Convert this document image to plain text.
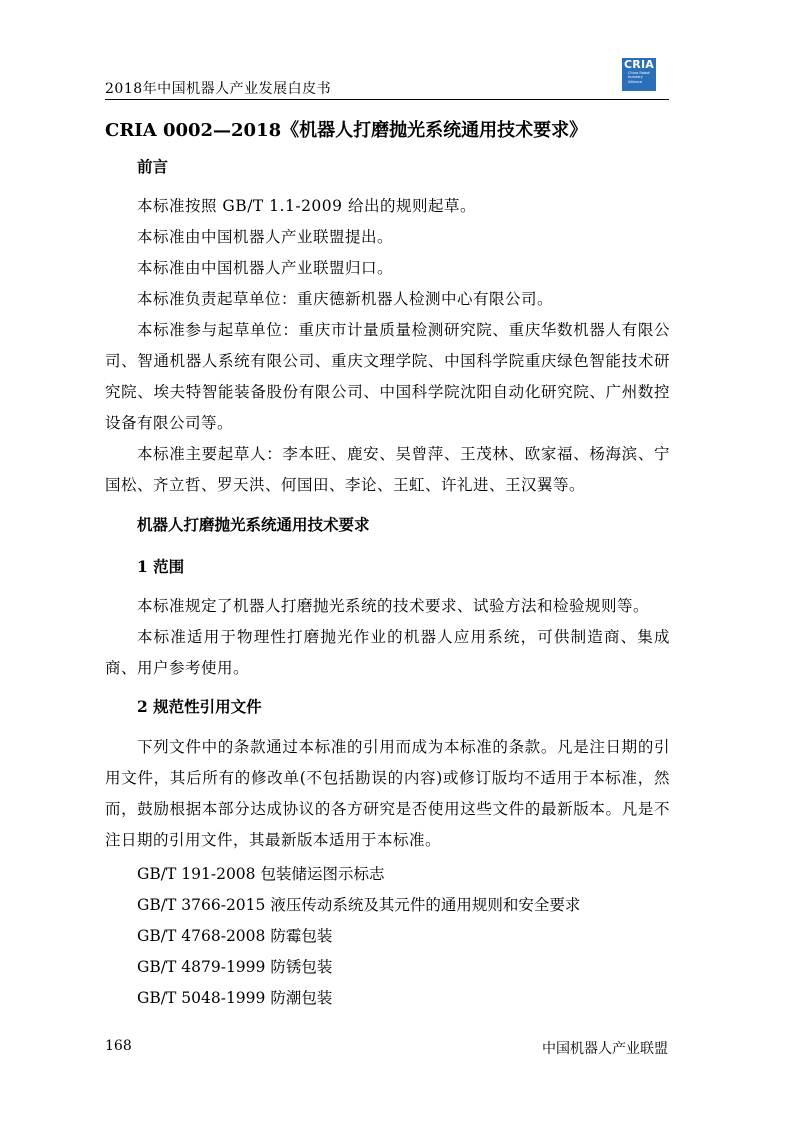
2018年中国机器人产业发展白皮书
CRIA
China Robot Industry Alliance
CRIA 0002—2018《机器人打磨抛光系统通用技术要求》
前言
本标准按照 GB/T 1.1-2009 给出的规则起草。
本标准由中国机器人产业联盟提出。
本标准由中国机器人产业联盟归口。
本标准负责起草单位：重庆德新机器人检测中心有限公司。
本标准参与起草单位：重庆市计量质量检测研究院、重庆华数机器人有限公司、智通机器人系统有限公司、重庆文理学院、中国科学院重庆绿色智能技术研究院、埃夫特智能装备股份有限公司、中国科学院沈阳自动化研究院、广州数控设备有限公司等。
本标准主要起草人：李本旺、鹿安、吴曾萍、王茂林、欧家福、杨海滨、宁国松、齐立哲、罗天洪、何国田、李论、王虹、许礼进、王汉翼等。
机器人打磨抛光系统通用技术要求
1 范围
本标准规定了机器人打磨抛光系统的技术要求、试验方法和检验规则等。
本标准适用于物理性打磨抛光作业的机器人应用系统，可供制造商、集成商、用户参考使用。
2 规范性引用文件
下列文件中的条款通过本标准的引用而成为本标准的条款。凡是注日期的引用文件，其后所有的修改单(不包括勘误的内容)或修订版均不适用于本标准，然而，鼓励根据本部分达成协议的各方研究是否使用这些文件的最新版本。凡是不注日期的引用文件，其最新版本适用于本标准。
GB/T 191-2008 包装储运图示标志
GB/T 3766-2015 液压传动系统及其元件的通用规则和安全要求
GB/T 4768-2008 防霉包装
GB/T 4879-1999 防锈包装
GB/T 5048-1999 防潮包装
168	中国机器人产业联盟
